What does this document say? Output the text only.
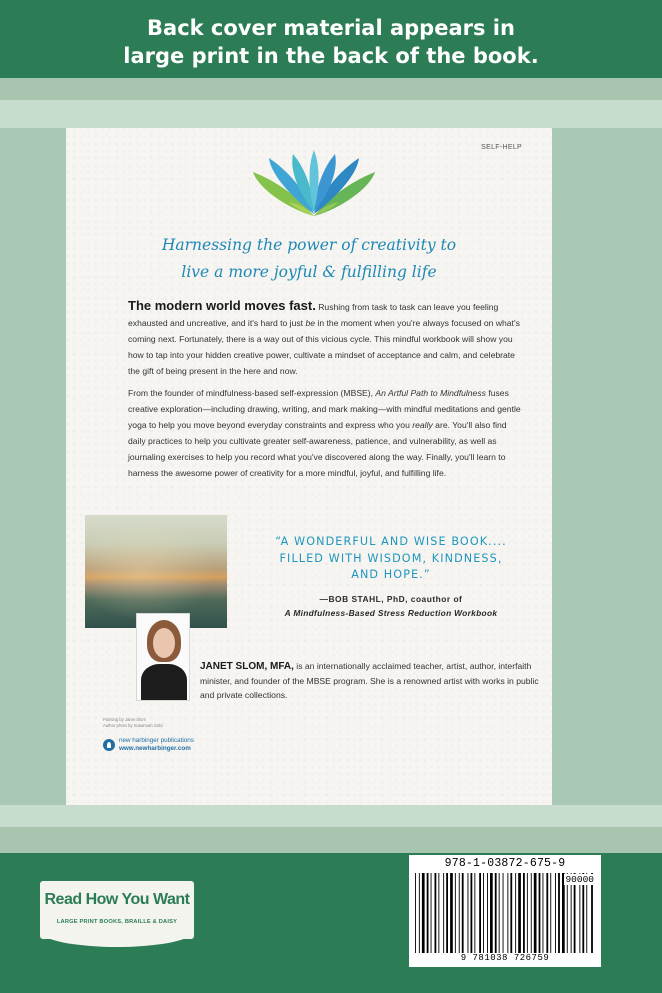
Back cover material appears in
large print in the back of the book.
SELF-HELP
Harnessing the power of creativity to
live a more joyful & fulfilling life

The modern world moves fast. Rushing from task to task can leave you feeling exhausted and uncreative, and it's hard to just be in the moment when you're always focused on what's coming next. Fortunately, there is a way out of this vicious cycle. This mindful workbook will show you how to tap into your hidden creative power, cultivate a mindset of acceptance and calm, and celebrate the gift of being present in the here and now.

From the founder of mindfulness-based self-expression (MBSE), An Artful Path to Mindfulness fuses creative exploration—including drawing, writing, and mark making—with mindful meditations and gentle yoga to help you move beyond everyday constraints and express who you really are. You'll also find daily practices to help you cultivate greater self-awareness, patience, and vulnerability, as well as journaling exercises to help you record what you've discovered along the way. Finally, you'll learn to harness the awesome power of creativity for a more mindful, joyful, and fulfilling life.

“A WONDERFUL AND WISE BOOK....
FILLED WITH WISDOM, KINDNESS,
AND HOPE.”
—BOB STAHL, PhD, coauthor of
A Mindfulness-Based Stress Reduction Workbook
JANET SLOM, MFA, is an internationally acclaimed teacher, artist, author, interfaith minister, and founder of the MBSE program. She is a renowned artist with works in public and private collections.
Painting by Janet Slom
Author photo by Susannah Gold
new harbinger publications
www.newharbinger.com
Read How You Want
LARGE PRINT BOOKS, BRAILLE & DAISY
978-1-03872-675-9
90000
9 781038 726759
